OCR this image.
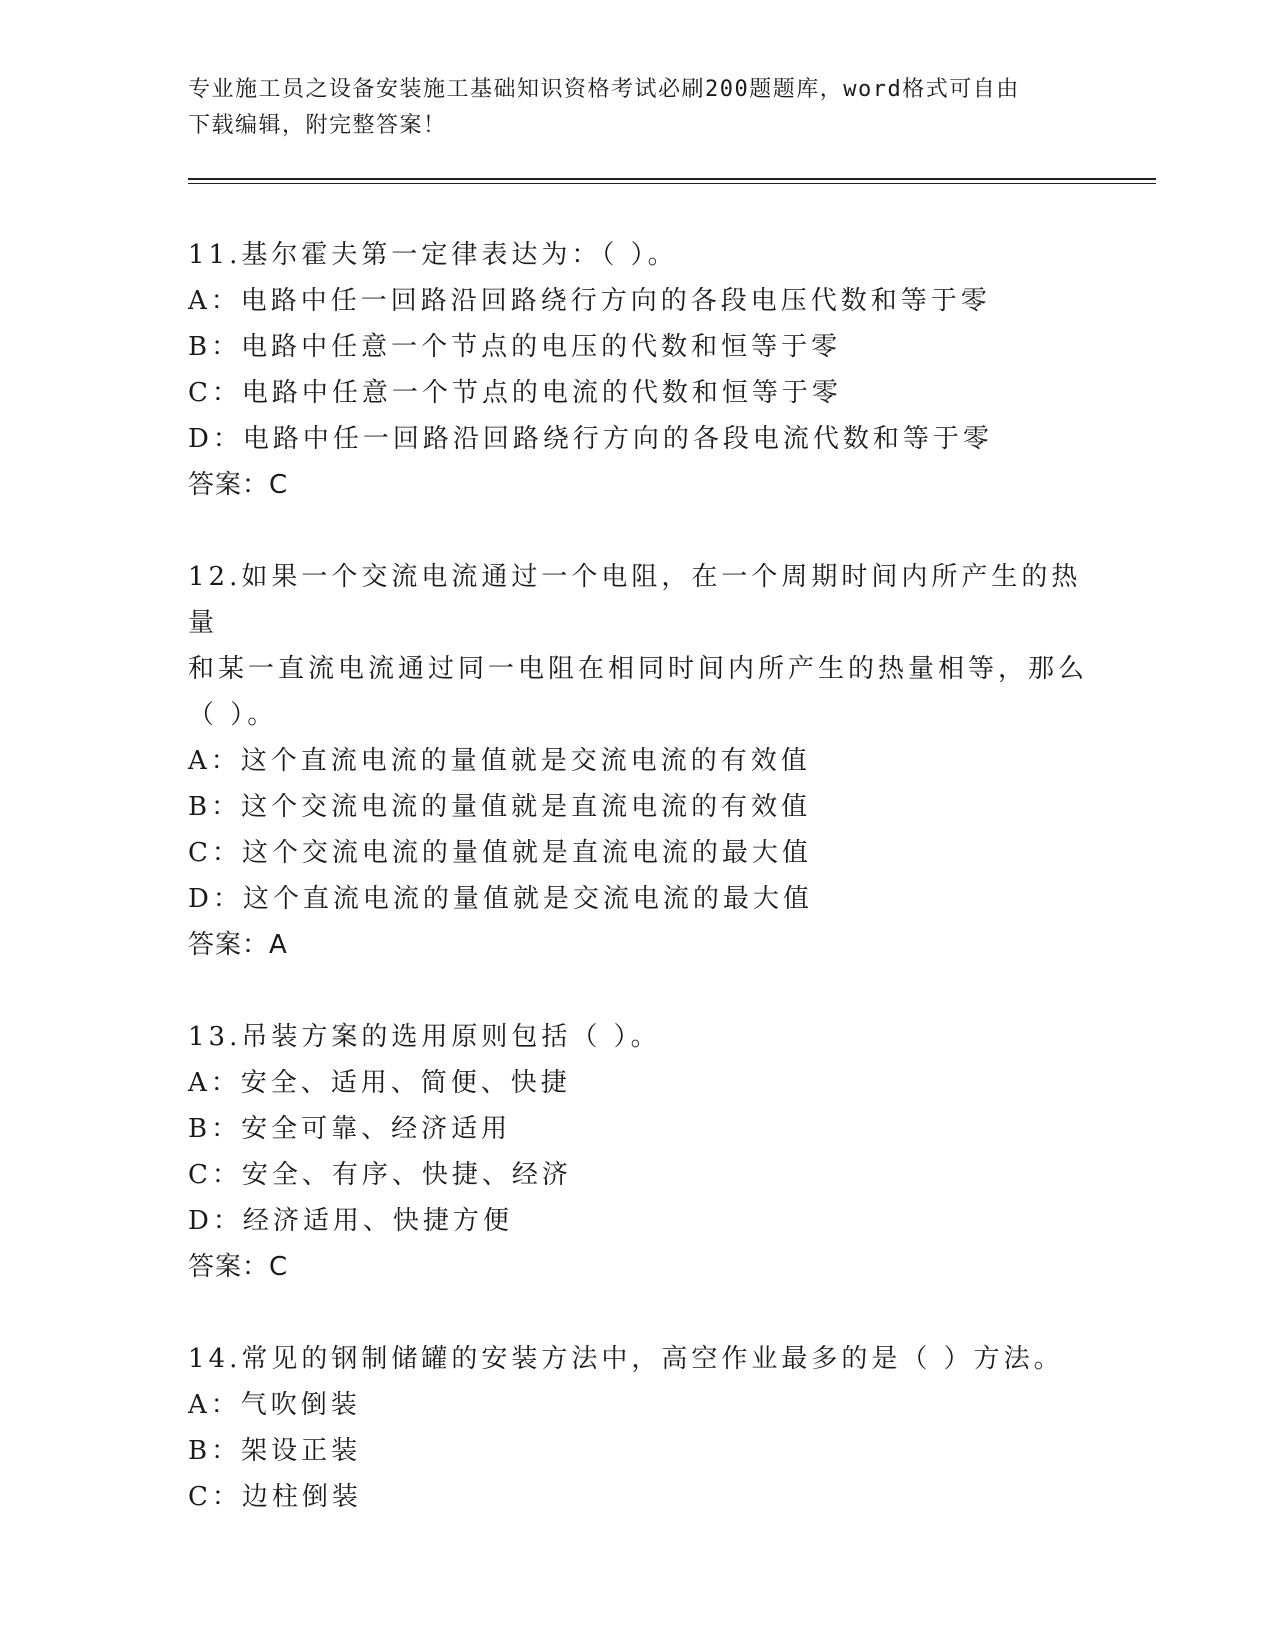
专业施工员之设备安装施工基础知识资格考试必刷200题题库，word格式可自由
下载编辑，附完整答案！
11.基尔霍夫第一定律表达为：（ ）。
A：电路中任一回路沿回路绕行方向的各段电压代数和等于零
B：电路中任意一个节点的电压的代数和恒等于零
C：电路中任意一个节点的电流的代数和恒等于零
D：电路中任一回路沿回路绕行方向的各段电流代数和等于零
答案：C
12.如果一个交流电流通过一个电阻，在一个周期时间内所产生的热量
和某一直流电流通过同一电阻在相同时间内所产生的热量相等，那么
（ ）。
A：这个直流电流的量值就是交流电流的有效值
B：这个交流电流的量值就是直流电流的有效值
C：这个交流电流的量值就是直流电流的最大值
D：这个直流电流的量值就是交流电流的最大值
答案：A
13.吊装方案的选用原则包括（ ）。
A：安全、适用、简便、快捷
B：安全可靠、经济适用
C：安全、有序、快捷、经济
D：经济适用、快捷方便
答案：C
14.常见的钢制储罐的安装方法中，高空作业最多的是（ ）方法。
A：气吹倒装
B：架设正装
C：边柱倒装
